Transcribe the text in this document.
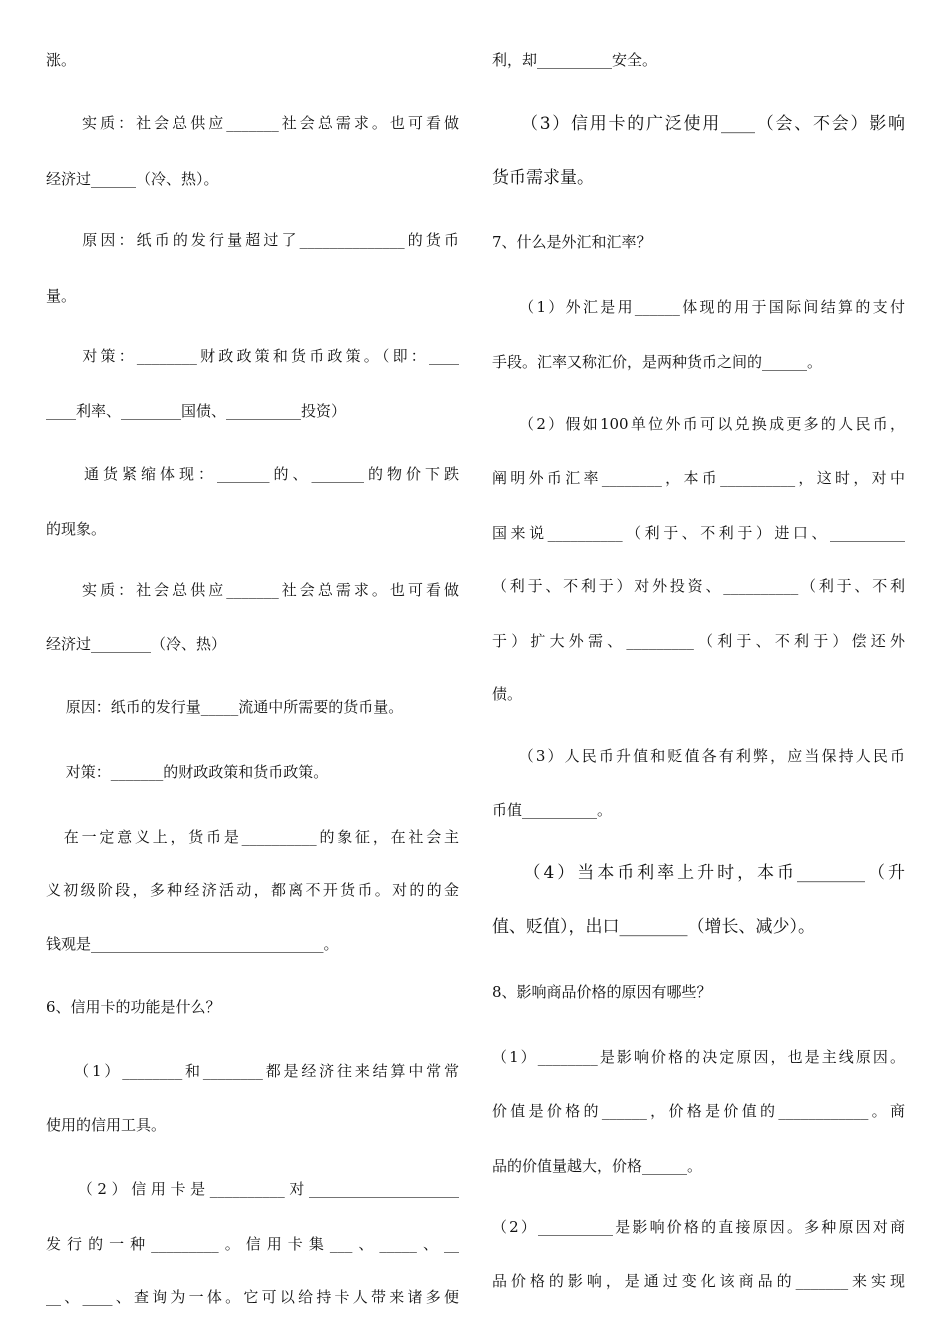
涨。
　　实质：社会总供应_______社会总需求。也可看做
经济过______（冷、热）。
　　原因：纸币的发行量超过了______________的货币
量。
　　对策：________财政政策和货币政策。（即：____
____利率、________国债、__________投资）
　　通货紧缩体现：_______的、_______的物价下跌
的现象。
　　实质：社会总供应_______社会总需求。也可看做
经济过________（冷、热）
　 原因：纸币的发行量_____流通中所需要的货币量。
　 对策：_______的财政政策和货币政策。
　在一定意义上，货币是__________的象征，在社会主
义初级阶段，多种经济活动，都离不开货币。对的的金
钱观是_______________________________。
6、信用卡的功能是什么？
　　（1）________和________都是经济往来结算中常常
使用的信用工具。
　　（2）信用卡是__________对____________________
发行的一种_________。信用卡集___、_____、__
__、____、查询为一体。它可以给持卡人带来诸多便
利，却__________安全。
　　（3）信用卡的广泛使用____（会、不会）影响
货币需求量。
7、什么是外汇和汇率？
　　（1）外汇是用______体现的用于国际间结算的支付
手段。汇率又称汇价，是两种货币之间的______。
　　（2）假如100单位外币可以兑换成更多的人民币，
阐明外币汇率________，本币__________，这时，对中
国来说__________（利于、不利于）进口、__________
（利于、不利于）对外投资、__________（利于、不利
于）扩大外需、_________（利于、不利于）偿还外
债。
　　（3）人民币升值和贬值各有利弊，应当保持人民币
币值__________。
　　（4）当本币利率上升时，本币________（升
值、贬值），出口________（增长、减少）。
8、影响商品价格的原因有哪些？
（1）________是影响价格的决定原因，也是主线原因。
价值是价格的______，价格是价值的____________。商
品的价值量越大，价格______。
（2）__________是影响价格的直接原因。多种原因对商
品价格的影响，是通过变化该商品的_______来实现
